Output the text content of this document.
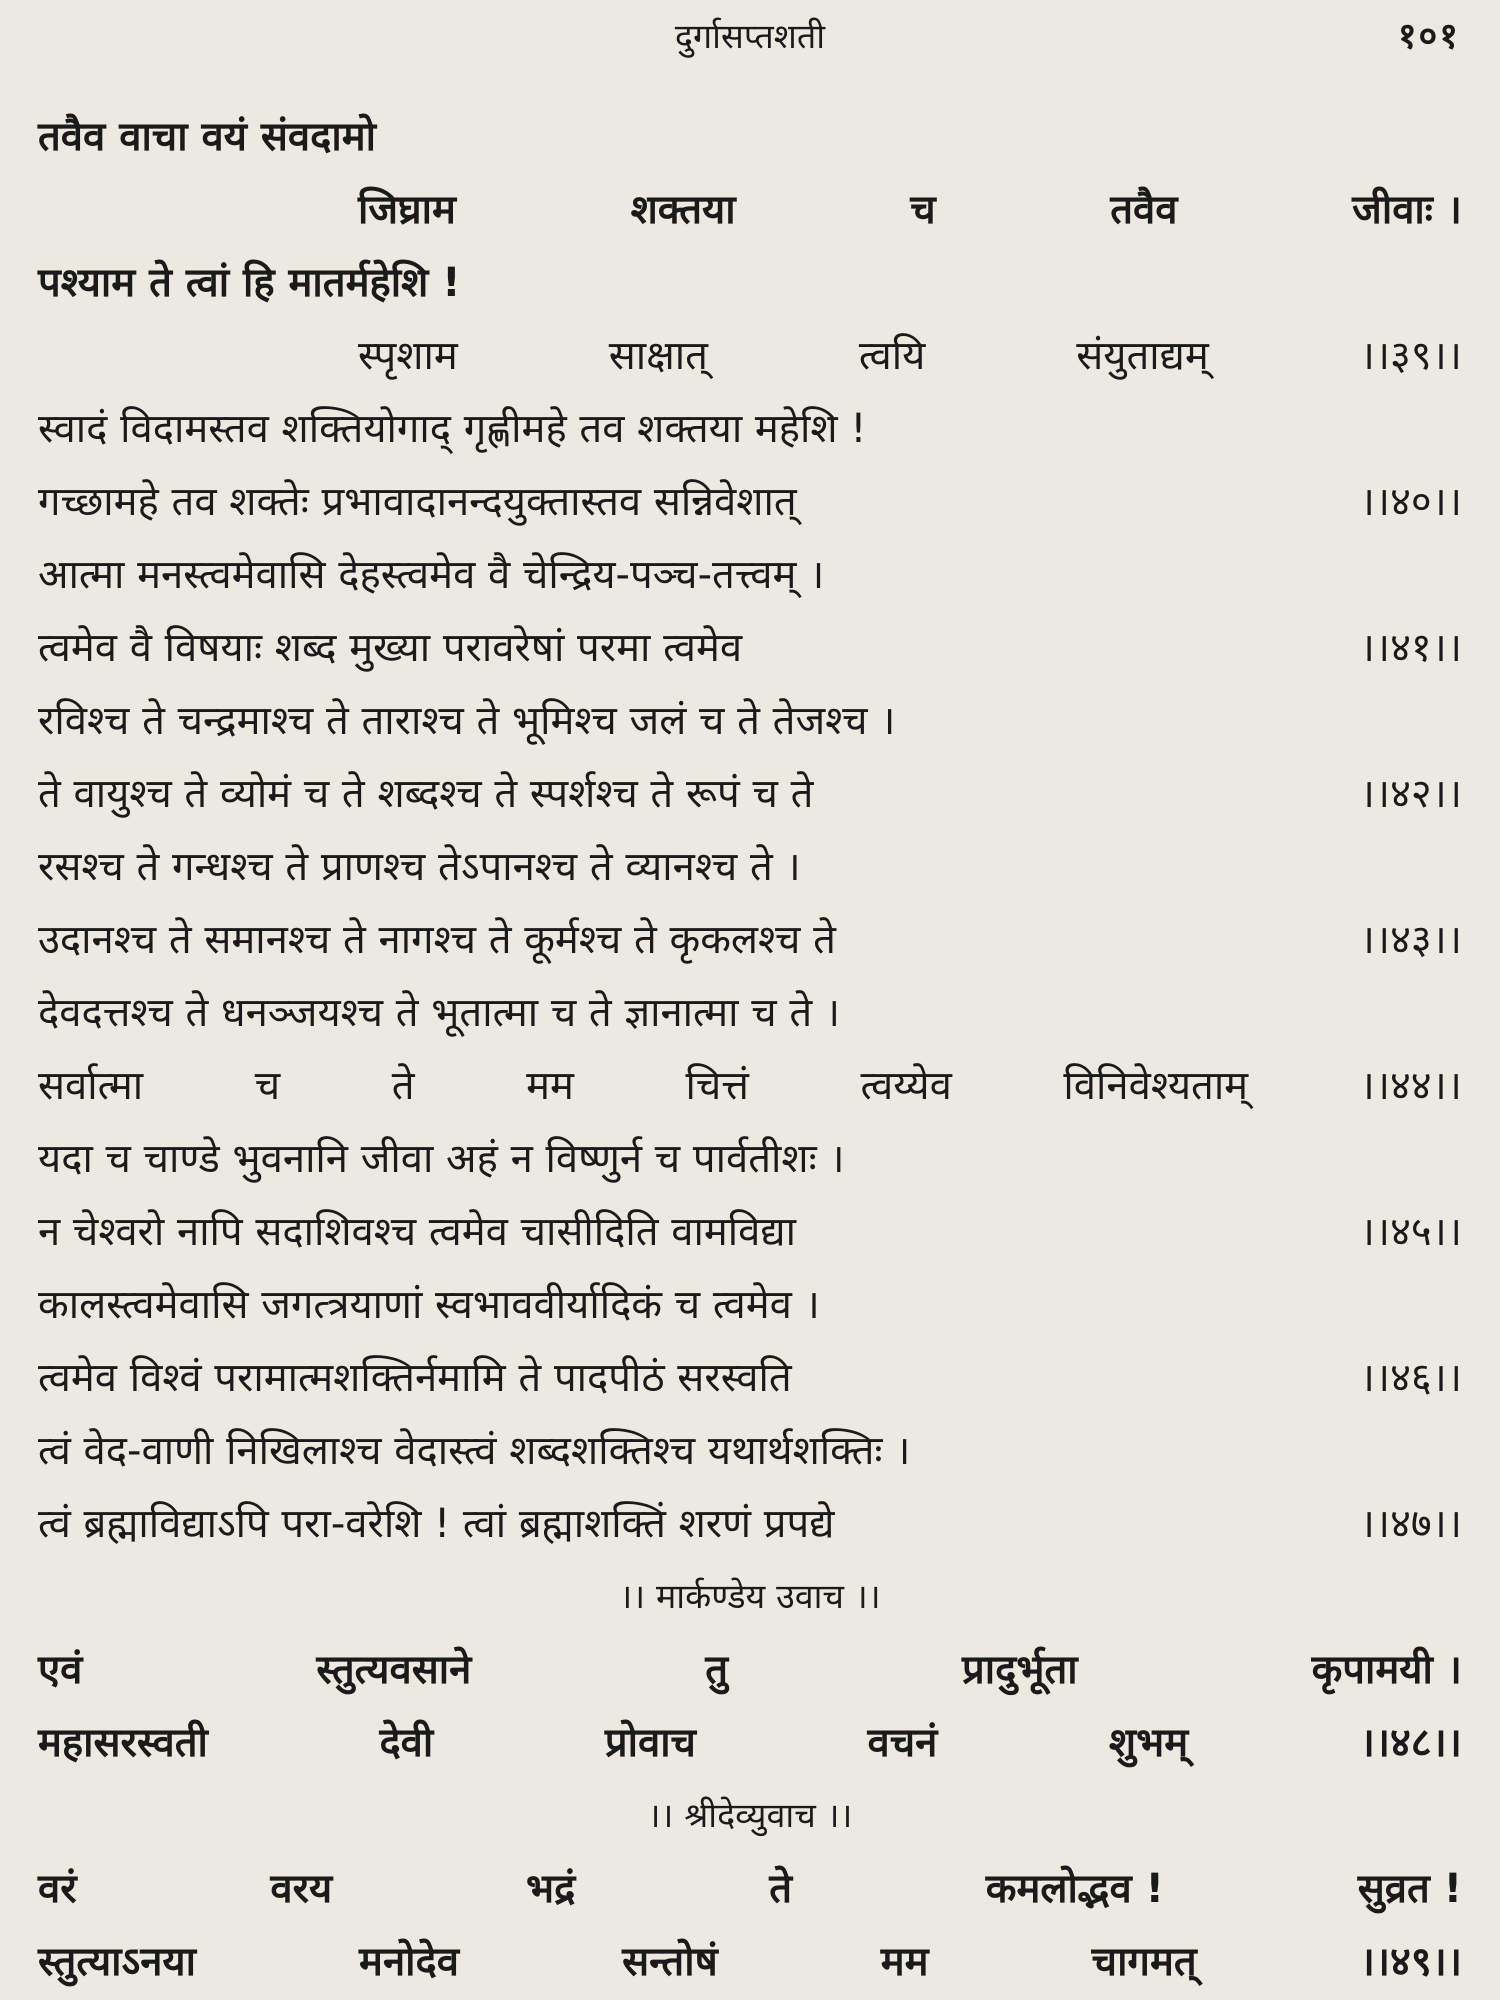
दुर्गासप्तशती	१०१
तवैव वाचा वयं संवदामो
जिघ्राम	शक्तया	च	तवैव	जीवाः ।
पश्याम ते त्वां हि मातर्महेशि !
स्पृशाम	साक्षात्	त्वयि	संयुताद्यम्	।।३९।।
स्वादं विदामस्तव शक्तियोगाद् गृह्णीमहे तव शक्तया महेशि !
गच्छामहे तव शक्तेः प्रभावादानन्दयुक्तास्तव सन्निवेशात्	।।४०।।
आत्मा मनस्त्वमेवासि देहस्त्वमेव वै चेन्द्रिय-पञ्च-तत्त्वम् ।
त्वमेव वै विषयाः शब्द मुख्या परावरेषां परमा त्वमेव	।।४१।।
रविश्च ते चन्द्रमाश्च ते ताराश्च ते भूमिश्च जलं च ते तेजश्च ।
ते वायुश्च ते व्योमं च ते शब्दश्च ते स्पर्शश्च ते रूपं च ते	।।४२।।
रसश्च ते गन्धश्च ते प्राणश्च तेऽपानश्च ते व्यानश्च ते ।
उदानश्च ते समानश्च ते नागश्च ते कूर्मश्च ते कृकलश्च ते	।।४३।।
देवदत्तश्च ते धनञ्जयश्च ते भूतात्मा च ते ज्ञानात्मा च ते ।
सर्वात्मा	च	ते	मम	चित्तं	त्वय्येव	विनिवेश्यताम्	।।४४।।
यदा च चाण्डे भुवनानि जीवा अहं न विष्णुर्न च पार्वतीशः ।
न चेश्वरो नापि सदाशिवश्च त्वमेव चासीदिति वामविद्या	।।४५।।
कालस्त्वमेवासि जगत्त्रयाणां स्वभाववीर्यादिकं च त्वमेव ।
त्वमेव विश्वं परामात्मशक्तिर्नमामि ते पादपीठं सरस्वति	।।४६।।
त्वं वेद-वाणी निखिलाश्च वेदास्त्वं शब्दशक्तिश्च यथार्थशक्तिः ।
त्वं ब्रह्माविद्याऽपि परा-वरेशि ! त्वां ब्रह्माशक्तिं शरणं प्रपद्ये	।।४७।।
।। मार्कण्डेय उवाच ।।
एवं	स्तुत्यवसाने	तु	प्रादुर्भूता	कृपामयी ।
महासरस्वती	देवी	प्रोवाच	वचनं	शुभम्	।।४८।।
।। श्रीदेव्युवाच ।।
वरं	वरय	भद्रं	ते	कमलोद्भव !	सुव्रत !
स्तुत्याऽनया	मनोदेव	सन्तोषं	मम	चागमत्	।।४९।।
